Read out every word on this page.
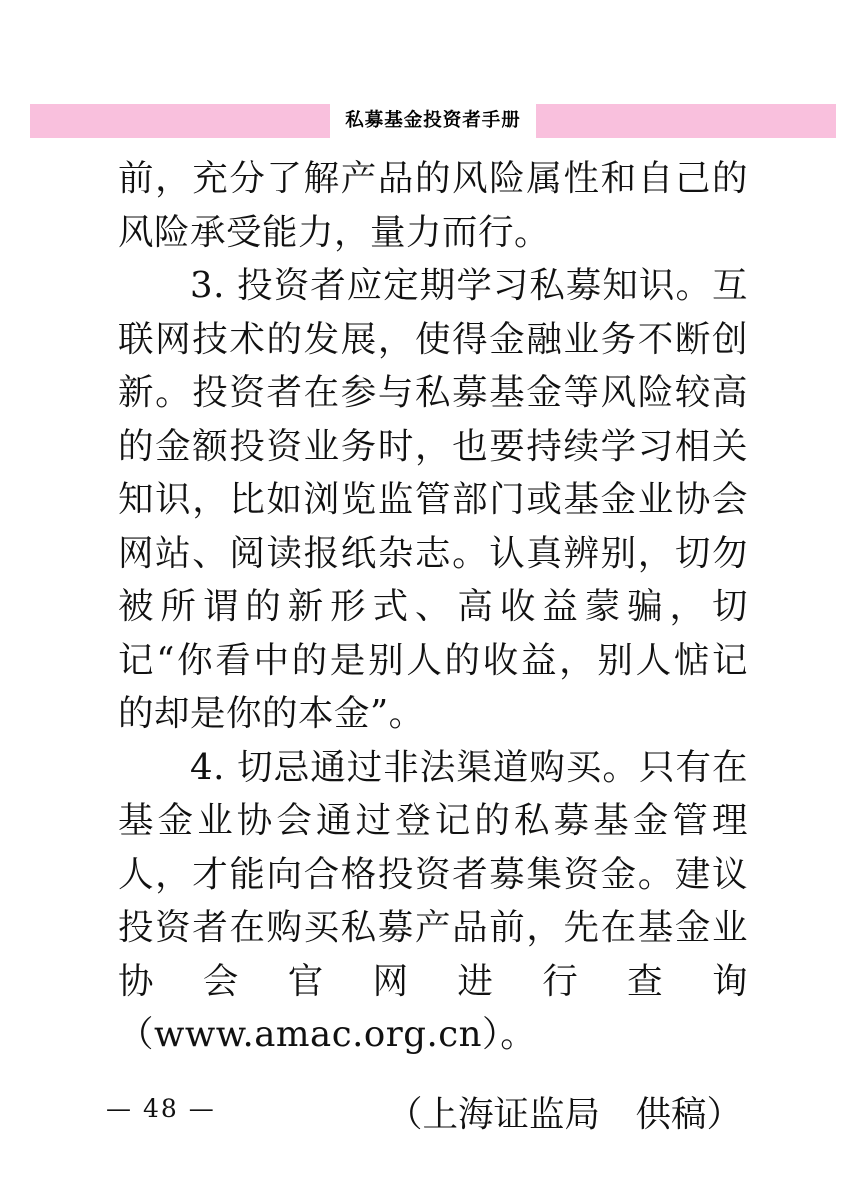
私募基金投资者手册

前，充分了解产品的风险属性和自己的风险承受能力，量力而行。

3. 投资者应定期学习私募知识。互联网技术的发展，使得金融业务不断创新。投资者在参与私募基金等风险较高的金额投资业务时，也要持续学习相关知识，比如浏览监管部门或基金业协会网站、阅读报纸杂志。认真辨别，切勿被所谓的新形式、高收益蒙骗，切记“你看中的是别人的收益，别人惦记的却是你的本金”。

4. 切忌通过非法渠道购买。只有在基金业协会通过登记的私募基金管理人，才能向合格投资者募集资金。建议投资者在购买私募产品前，先在基金业协会官网进行查询（www.amac.org.cn）。

（上海证监局　供稿）
— 48 —
